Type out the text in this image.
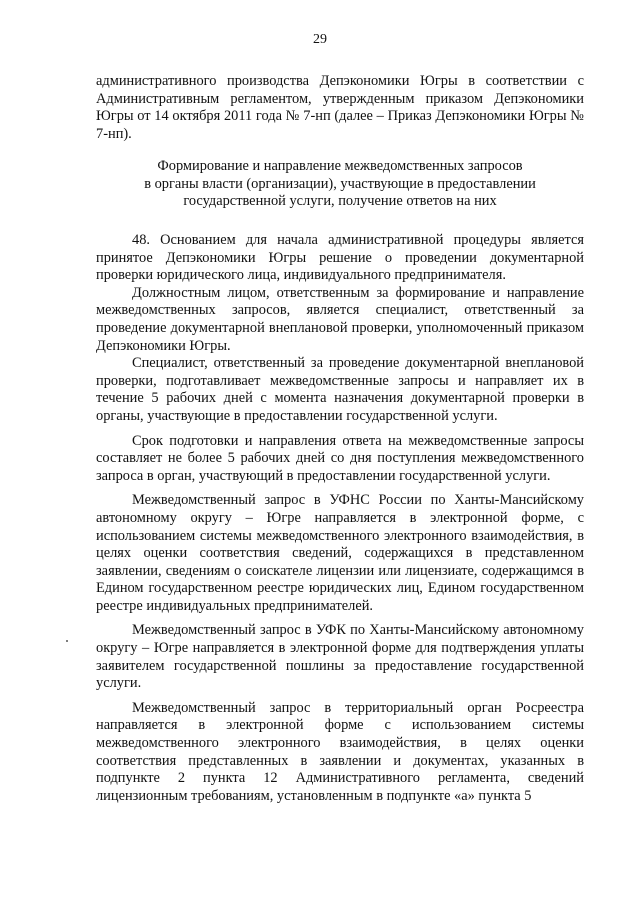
29

административного производства Депэкономики Югры в соответствии с Административным регламентом, утвержденным приказом Депэкономики Югры от 14 октября 2011 года № 7-нп (далее – Приказ Депэкономики Югры № 7-нп).

Формирование и направление межведомственных запросов
в органы власти (организации), участвующие в предоставлении
государственной услуги, получение ответов на них

48. Основанием для начала административной процедуры является принятое Депэкономики Югры решение о проведении документарной проверки юридического лица, индивидуального предпринимателя.

Должностным лицом, ответственным за формирование и направление межведомственных запросов, является специалист, ответственный за проведение документарной внеплановой проверки, уполномоченный приказом Депэкономики Югры.

Специалист, ответственный за проведение документарной внеплановой проверки, подготавливает межведомственные запросы и направляет их в течение 5 рабочих дней с момента назначения документарной проверки в органы, участвующие в предоставлении государственной услуги.

Срок подготовки и направления ответа на межведомственные запросы составляет не более 5 рабочих дней со дня поступления межведомственного запроса в орган, участвующий в предоставлении государственной услуги.

Межведомственный запрос в УФНС России по Ханты-Мансийскому автономному округу – Югре направляется в электронной форме, с использованием системы межведомственного электронного взаимодействия, в целях оценки соответствия сведений, содержащихся в представленном заявлении, сведениям о соискателе лицензии или лицензиате, содержащимся в Едином государственном реестре юридических лиц, Едином государственном реестре индивидуальных предпринимателей.

Межведомственный запрос в УФК по Ханты-Мансийскому автономному округу – Югре направляется в электронной форме для подтверждения уплаты заявителем государственной пошлины за предоставление государственной услуги.

Межведомственный запрос в территориальный орган Росреестра направляется в электронной форме с использованием системы межведомственного электронного взаимодействия, в целях оценки соответствия представленных в заявлении и документах, указанных в подпункте 2 пункта 12 Административного регламента, сведений лицензионным требованиям, установленным в подпункте «а» пункта 5
